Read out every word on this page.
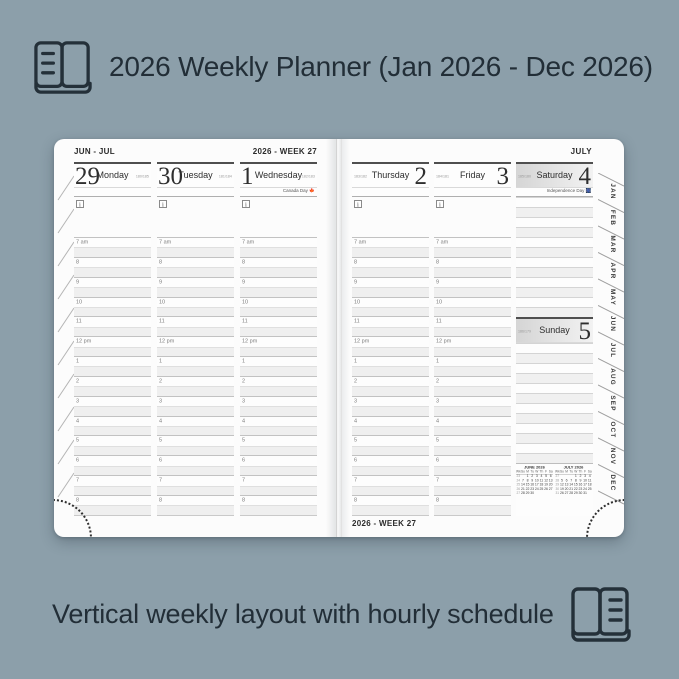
2026 Weekly Planner (Jan 2026 - Dec 2026)
JUN - JUL	2026 - WEEK 27	JULY
29
Monday 180/185
i
7 am
8
9
10
11
12 pm
1
2
3
4
5
6
7
8
30
Tuesday 181/184
i
7 am
8
9
10
11
12 pm
1
2
3
4
5
6
7
8
1 Wednesday 182/183
Canada Day 🍁
i
7 am
8
9
10
11
12 pm
1
2
3
4
5
6
7
8
2
Thursday
183/182
i
7 am
8
9
10
11
12 pm
1
2
3
4
5
6
7
8
3
Friday
184/181
i
7 am
8
9
10
11
12 pm
1
2
3
4
5
6
7
8
4
Saturday
185/180
Independence Day 🎆
5
Sunday
186/179
JUNE 2026
Wk	Su	M	Tu	W	Th	F	Sa
23		1	2	3	4	5	6
24	7	8	9	10	11	12	13
25	14	15	16	17	18	19	20
26	21	22	23	24	25	26	27
27	28	29	30				
JULY 2026
Wk	Su	M	Tu	W	Th	F	Sa
27				1	2	3	4
28	5	6	7	8	9	10	11
29	12	13	14	15	16	17	18
30	19	20	21	22	23	24	25
31	26	27	28	29	30	31	
2026 - WEEK 27
JAN
FEB
MAR
APR
MAY
JUN
JUL
AUG
SEP
OCT
NOV
DEC
Vertical weekly layout with hourly schedule
